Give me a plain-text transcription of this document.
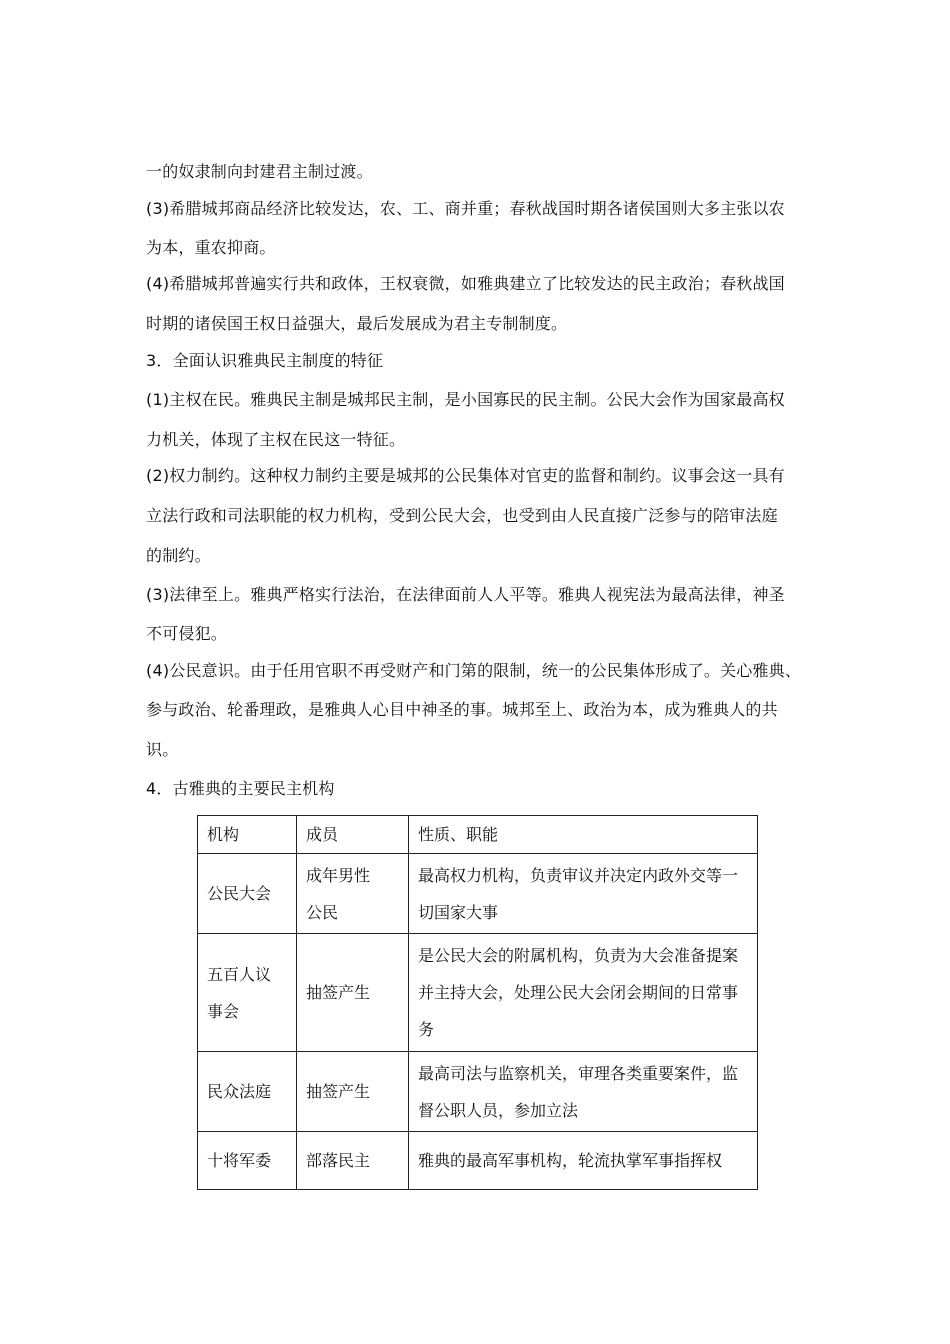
一的奴隶制向封建君主制过渡。
(3)希腊城邦商品经济比较发达，农、工、商并重；春秋战国时期各诸侯国则大多主张以农
为本，重农抑商。
(4)希腊城邦普遍实行共和政体，王权衰微，如雅典建立了比较发达的民主政治；春秋战国
时期的诸侯国王权日益强大，最后发展成为君主专制制度。
3．全面认识雅典民主制度的特征
(1)主权在民。雅典民主制是城邦民主制，是小国寡民的民主制。公民大会作为国家最高权
力机关，体现了主权在民这一特征。
(2)权力制约。这种权力制约主要是城邦的公民集体对官吏的监督和制约。议事会这一具有
立法行政和司法职能的权力机构，受到公民大会，也受到由人民直接广泛参与的陪审法庭
的制约。
(3)法律至上。雅典严格实行法治，在法律面前人人平等。雅典人视宪法为最高法律，神圣
不可侵犯。
(4)公民意识。由于任用官职不再受财产和门第的限制，统一的公民集体形成了。关心雅典、
参与政治、轮番理政，是雅典人心目中神圣的事。城邦至上、政治为本，成为雅典人的共
识。
4．古雅典的主要民主机构
机构	成员	性质、职能

公民大会	成年男性公民	最高权力机构，负责审议并决定内政外交等一切国家大事

五百人议事会	抽签产生	是公民大会的附属机构，负责为大会准备提案并主持大会，处理公民大会闭会期间的日常事务

民众法庭	抽签产生	最高司法与监察机关，审理各类重要案件，监督公职人员，参加立法

十将军委	部落民主	雅典的最高军事机构，轮流执掌军事指挥权
